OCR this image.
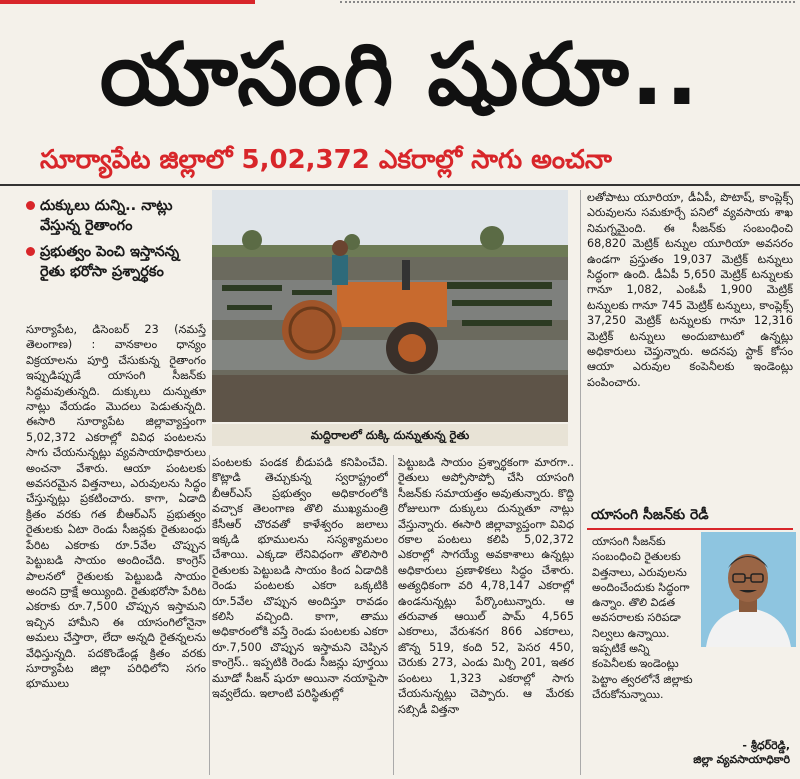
యాసంగి షురూ..
సూర్యాపేట జిల్లాలో 5,02,372 ఎకరాల్లో సాగు అంచనా
దుక్కులు దున్ని.. నాట్లు వేస్తున్న రైతాంగం
ప్రభుత్వం పెంచి ఇస్తానన్న రైతు భరోసా ప్రశ్నార్థకం
మద్దిరాలలో దుక్కి దున్నుతున్న రైతు

సూర్యాపేట, డిసెంబర్ 23 (నమస్తే తెలంగాణ) : వానకాలం ధాన్యం విక్రయాలను పూర్తి చేసుకున్న రైతాంగం ఇప్పుడిప్పుడే యాసంగి సీజన్‌కు సిద్ధమవుతున్నది. దుక్కులు దున్నుతూ నాట్లు వేయడం మొదలు పెడుతున్నది. ఈసారి సూర్యాపేట జిల్లావ్యాప్తంగా 5,02,372 ఎకరాల్లో వివిధ పంటలను సాగు చేయనున్నట్లు వ్యవసాయాధికారులు అంచనా వేశారు. ఆయా పంటలకు అవసరమైన విత్తనాలు, ఎరువులను సిద్ధం చేస్తున్నట్లు ప్రకటించారు. కాగా, ఏడాది క్రితం వరకు గత బీఆర్‌ఎస్ ప్రభుత్వం రైతులకు ఏటా రెండు సీజన్లకు రైతుబంధు పేరిట ఎకరాకు రూ.5వేల చొప్పున పెట్టుబడి సాయం అందించేది. కాంగ్రెస్ పాలనలో రైతులకు పెట్టుబడి సాయం అందని ద్రాక్షే అయ్యింది. రైతుభరోసా పేరిట ఎకరాకు రూ.7,500 చొప్పున ఇస్తామని ఇచ్చిన హామీని ఈ యాసంగిలోనైనా అమలు చేస్తారా, లేదా అన్నది రైతన్నలను వేధిస్తున్నది. పదకొండేండ్ల క్రితం వరకు సూర్యాపేట జిల్లా పరిధిలోని సగం భూములు

పంటలకు పండక బీడుపడి కనిపించేవి. కొట్లాడి తెచ్చుకున్న స్వరాష్ట్రంలో బీఆర్‌ఎస్ ప్రభుత్వం అధికారంలోకి వచ్చాక తెలంగాణ తొలి ముఖ్యమంత్రి కేసీఆర్ చొరవతో కాళేశ్వరం జలాలు ఇక్కడి భూములను సస్యశ్యామలం చేశాయి. ఎక్కడా లేనివిధంగా తొలిసారి రైతులకు పెట్టుబడి సాయం కింద ఏడాదికి రెండు పంటలకు ఎకరా ఒక్కటికి రూ.5వేల చొప్పున అందిస్తూ రావడం కలిసి వచ్చింది. కాగా, తాము అధికారంలోకి వస్తే రెండు పంటలకు ఎకరా రూ.7,500 చొప్పున ఇస్తామని చెప్పిన కాంగ్రెస్.. ఇప్పటికి రెండు సీజన్లు పూర్తయి మూడో సీజన్ షురూ అయినా నయాపైసా ఇవ్వలేదు. ఇలాంటి పరిస్థితుల్లో

పెట్టుబడి సాయం ప్రశ్నార్థకంగా మారగా.. రైతులు అప్పోసొప్పో చేసి యాసంగి సీజన్‌కు సమాయత్తం అవుతున్నారు. కొద్ది రోజులుగా దుక్కులు దున్నుతూ నాట్లు వేస్తున్నారు. ఈసారి జిల్లావ్యాప్తంగా వివిధ రకాల పంటలు కలిపి 5,02,372 ఎకరాల్లో సాగయ్యే అవకాశాలు ఉన్నట్లు అధికారులు ప్రణాళికలు సిద్ధం చేశారు. అత్యధికంగా వరి 4,78,147 ఎకరాల్లో ఉండనున్నట్లు పేర్కొంటున్నారు. ఆ తరువాత ఆయిల్ పామ్ 4,565 ఎకరాలు, వేరుశనగ 866 ఎకరాలు, జొన్న 519, కంది 52, పెసర 450, చెరుకు 273, ఎండు మిర్చి 201, ఇతర పంటలు 1,323 ఎకరాల్లో సాగు చేయనున్నట్లు చెప్పారు. ఆ మేరకు సబ్సిడీ విత్తనా

లతోపాటు యూరియా, డీఏపీ, పొటాష్, కాంప్లెక్స్ ఎరువులను సమకూర్చే పనిలో వ్యవసాయ శాఖ నిమగ్నమైంది. ఈ సీజన్‌కు సంబంధించి 68,820 మెట్రిక్ టన్నుల యూరియా అవసరం ఉండగా ప్రస్తుతం 19,037 మెట్రిక్ టన్నులు సిద్ధంగా ఉంది. డీఏపీ 5,650 మెట్రిక్ టన్నులకు గానూ 1,082, ఎంఓపీ 1,900 మెట్రిక్ టన్నులకు గానూ 745 మెట్రిక్ టన్నులు, కాంప్లెక్స్ 37,250 మెట్రిక్ టన్నులకు గానూ 12,316 మెట్రిక్ టన్నులు అందుబాటులో ఉన్నట్లు అధికారులు చెప్తున్నారు. అదనపు స్టాక్ కోసం ఆయా ఎరువుల కంపెనీలకు ఇండెంట్లు పంపించారు.

యాసంగి సీజన్‌కు రెడీ

యాసంగి సీజన్‌కు సంబంధించి రైతులకు విత్తనాలు, ఎరువులను అందించేందుకు సిద్ధంగా ఉన్నాం. తొలి విడత అవసరాలకు సరిపడా నిల్వలు ఉన్నాయి. ఇప్పటికే అన్ని కంపెనీలకు ఇండెంట్లు పెట్టాం త్వరలోనే జిల్లాకు చేరుకోనున్నాయి.

- శ్రీధర్‌రెడ్డి,
జిల్లా వ్యవసాయాధికారి
